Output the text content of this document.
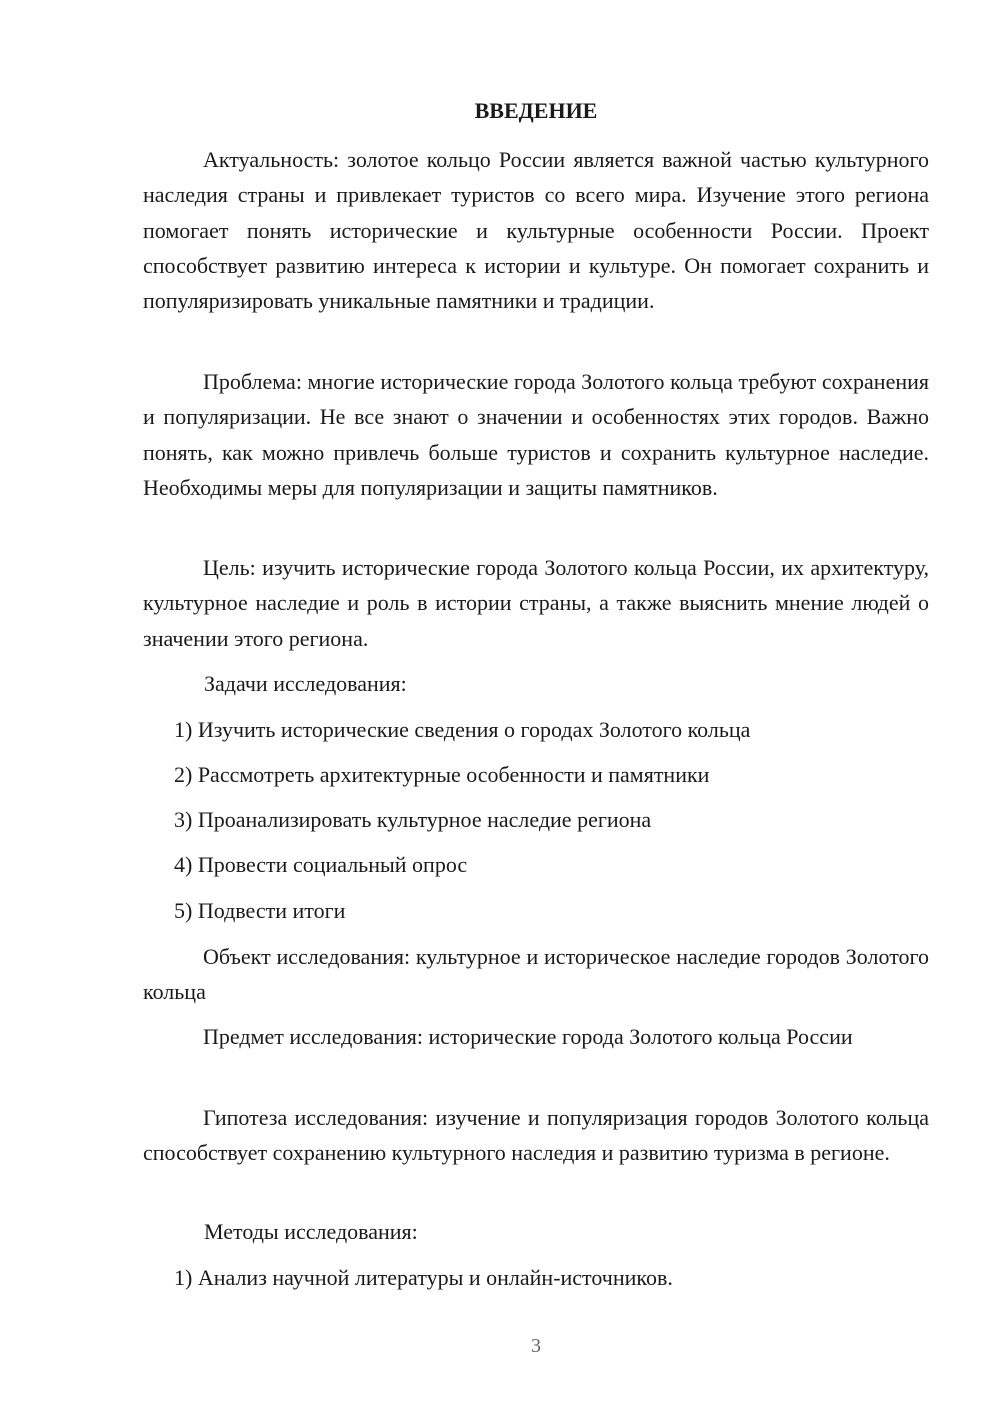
ВВЕДЕНИЕ

Актуальность: золотое кольцо России является важной частью культурного наследия страны и привлекает туристов со всего мира. Изучение этого региона помогает понять исторические и культурные особенности России. Проект способствует развитию интереса к истории и культуре. Он помогает сохранить и популяризировать уникальные памятники и традиции.

Проблема: многие исторические города Золотого кольца требуют сохранения и популяризации. Не все знают о значении и особенностях этих городов. Важно понять, как можно привлечь больше туристов и сохранить культурное наследие. Необходимы меры для популяризации и защиты памятников.

Цель: изучить исторические города Золотого кольца России, их архитектуру, культурное наследие и роль в истории страны, а также выяснить мнение людей о значении этого региона.

Задачи исследования:

1) Изучить исторические сведения о городах Золотого кольца

2) Рассмотреть архитектурные особенности и памятники

3) Проанализировать культурное наследие региона

4) Провести социальный опрос

5) Подвести итоги

Объект исследования: культурное и историческое наследие городов Золотого кольца

Предмет исследования: исторические города Золотого кольца России

Гипотеза исследования: изучение и популяризация городов Золотого кольца способствует сохранению культурного наследия и развитию туризма в регионе.

Методы исследования:

1) Анализ научной литературы и онлайн-источников.

3
